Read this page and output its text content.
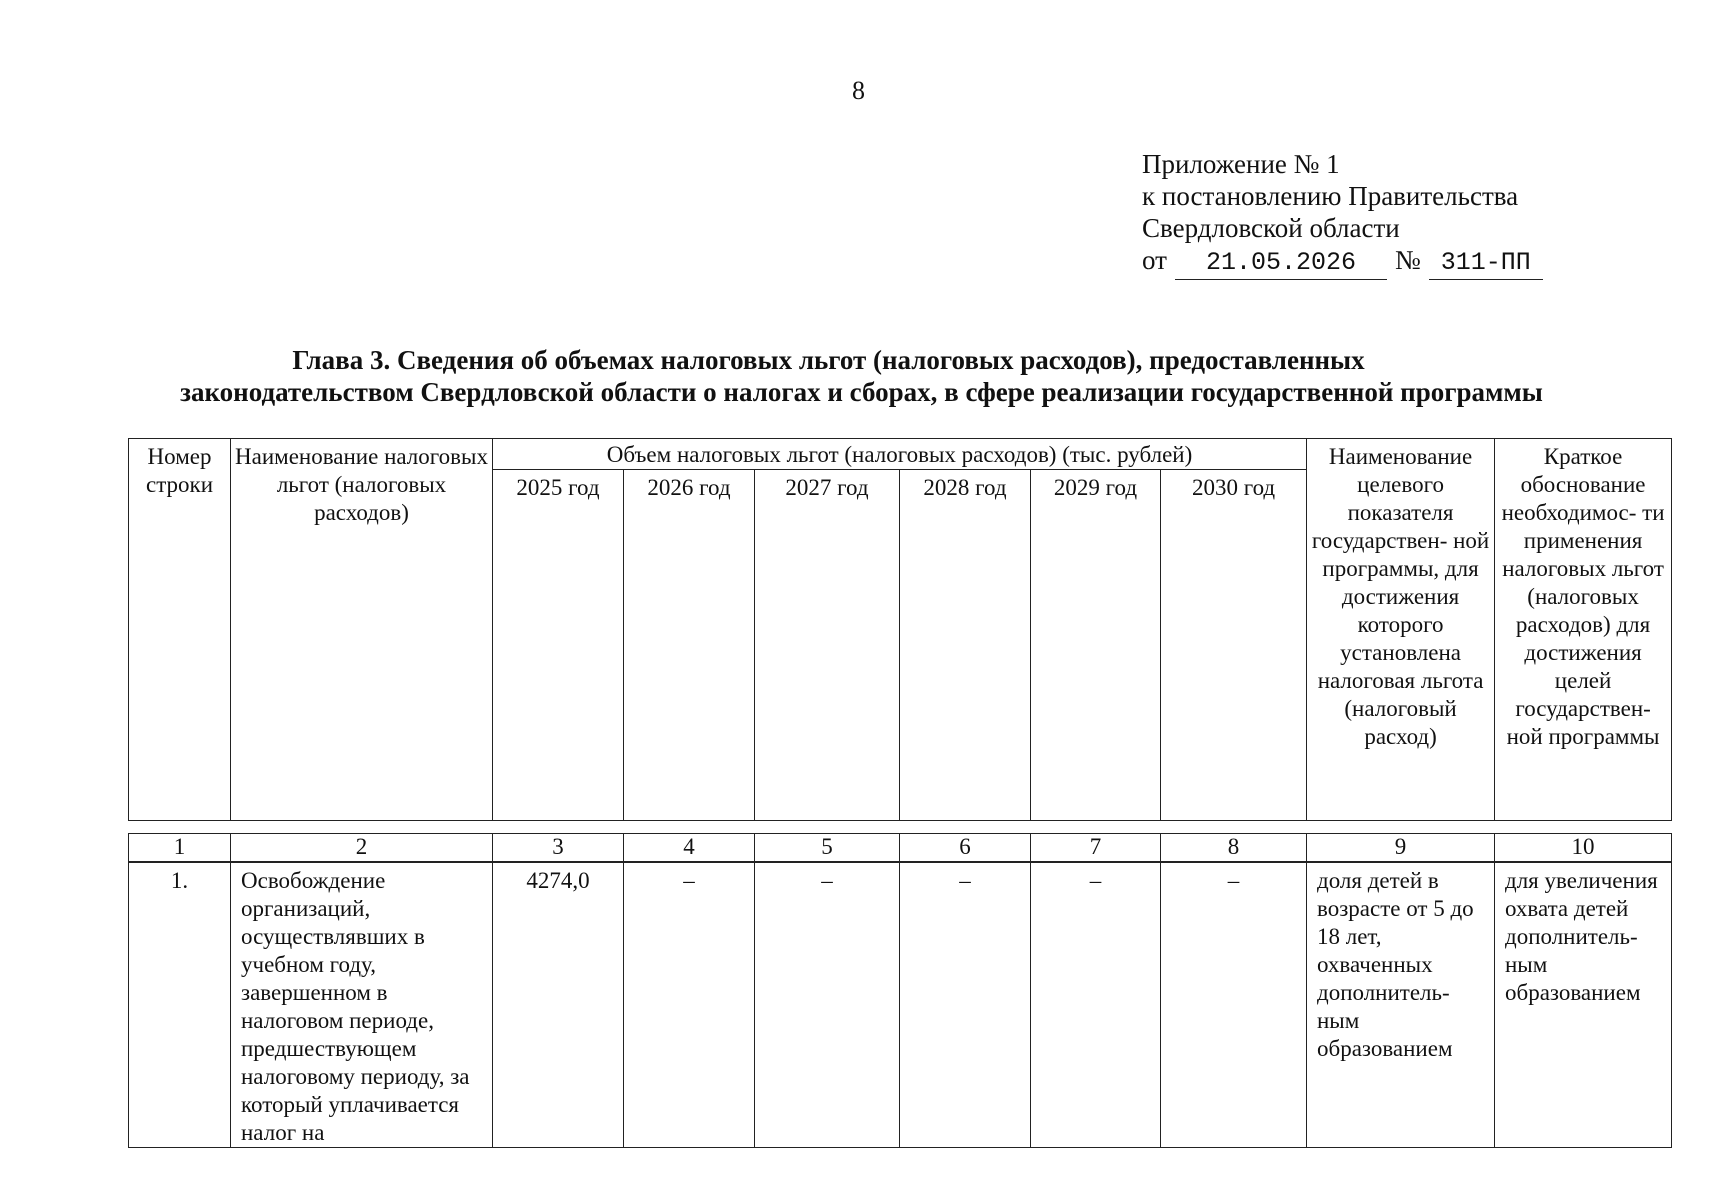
8
Приложение № 1
к постановлению Правительства
Свердловской области
от 21.05.2026 № 311-ПП
Глава 3. Сведения об объемах налоговых льгот (налоговых расходов), предоставленных
законодательством Свердловской области о налогах и сборах, в сфере реализации государственной программы
Номер строки	Наименование налоговых льгот (налоговых расходов)	Объем налоговых льгот (налоговых расходов) (тыс. рублей)						Наименование целевого показателя государствен- ной программы, для достижения которого установлена налоговая льгота (налоговый расход)	Краткое обоснование необходимос- ти применения налоговых льгот (налоговых расходов) для достижения целей государствен- ной программы
		2025 год	2026 год	2027 год	2028 год	2029 год	2030 год		
1	2	3	4	5	6	7	8	9	10
1.	Освобождение организаций, осуществлявших в учебном году, завершенном в налоговом периоде, предшествующем налоговому периоду, за который уплачивается налог на	4274,0	–	–	–	–	–	доля детей в возрасте от 5 до 18 лет, охваченных дополнитель- ным образованием	для увеличения охвата детей дополнитель- ным образованием
